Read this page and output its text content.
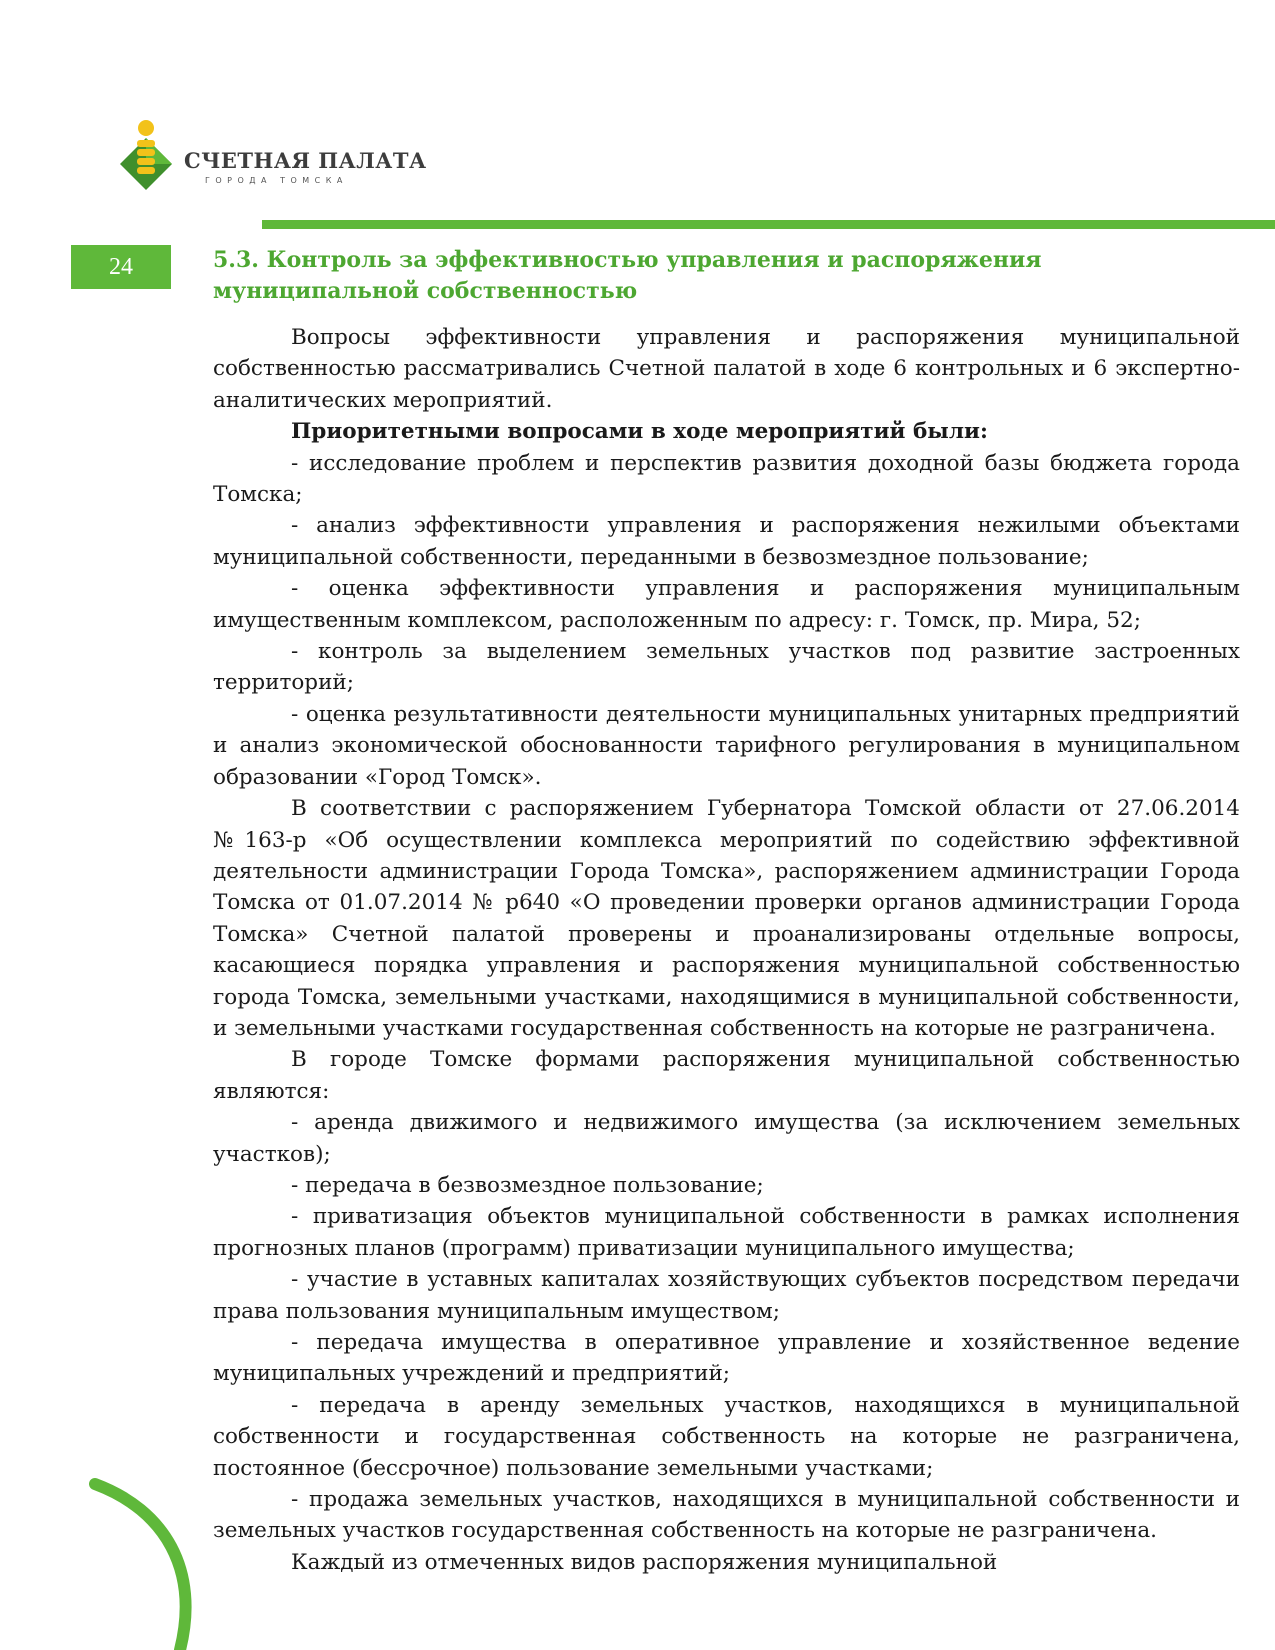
СЧЕТНАЯ ПАЛАТА
ГОРОДА ТОМСКА
24	5.3. Контроль за эффективностью управления и распоряжения муниципальной собственностью

Вопросы эффективности управления и распоряжения муниципальной собственностью рассматривались Счетной палатой в ходе 6 контрольных и 6 экспертно-аналитических мероприятий.

Приоритетными вопросами в ходе мероприятий были:

- исследование проблем и перспектив развития доходной базы бюджета города Томска;

- анализ эффективности управления и распоряжения нежилыми объектами муниципальной собственности, переданными в безвозмездное пользование;

- оценка эффективности управления и распоряжения муниципальным имущественным комплексом, расположенным по адресу: г. Томск, пр. Мира, 52;

- контроль за выделением земельных участков под развитие застроенных территорий;

- оценка результативности деятельности муниципальных унитарных предприятий и анализ экономической обоснованности тарифного регулирования в муниципальном образовании «Город Томск».

В соответствии с распоряжением Губернатора Томской области от 27.06.2014 №163-р «Об осуществлении комплекса мероприятий по содействию эффективной деятельности администрации Города Томска», распоряжением администрации Города Томска от 01.07.2014 № р640 «О проведении проверки органов администрации Города Томска» Счетной палатой проверены и проанализированы отдельные вопросы, касающиеся порядка управления и распоряжения муниципальной собственностью города Томска, земельными участками, находящимися в муниципальной собственности, и земельными участками государственная собственность на которые не разграничена.

В городе Томске формами распоряжения муниципальной собственностью являются:

- аренда движимого и недвижимого имущества (за исключением земельных участков);

- передача в безвозмездное пользование;

- приватизация объектов муниципальной собственности в рамках исполнения прогнозных планов (программ) приватизации муниципального имущества;

- участие в уставных капиталах хозяйствующих субъектов посредством передачи права пользования муниципальным имуществом;

- передача имущества в оперативное управление и хозяйственное ведение муниципальных учреждений и предприятий;

- передача в аренду земельных участков, находящихся в муниципальной собственности и государственная собственность на которые не разграничена, постоянное (бессрочное) пользование земельными участками;

- продажа земельных участков, находящихся в муниципальной собственности и земельных участков государственная собственность на которые не разграничена.

Каждый из отмеченных видов распоряжения муниципальной
